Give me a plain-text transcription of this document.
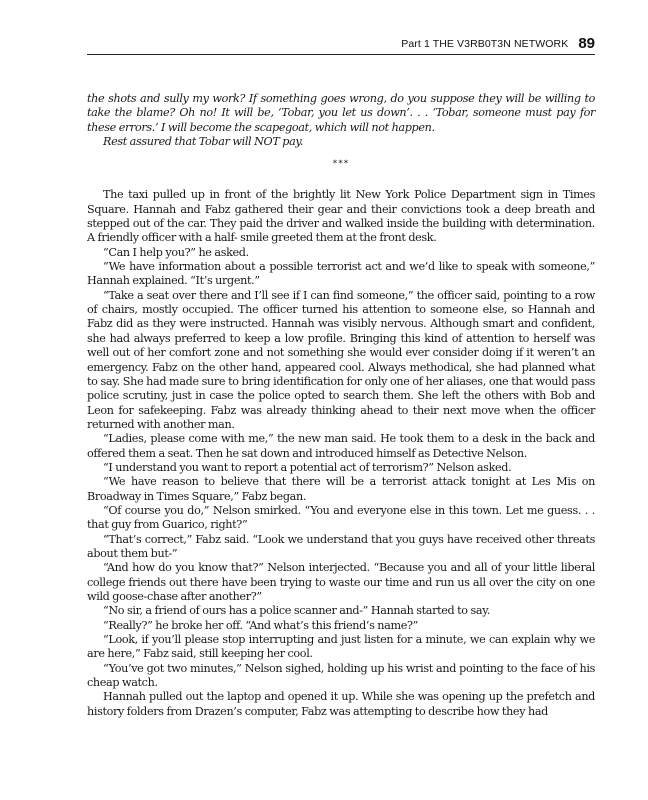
Part 1 THE V3RB0T3N NETWORK 89

the shots and sully my work? If something goes wrong, do you suppose they will be willing to take the blame? Oh no! It will be, ‘Tobar, you let us down’. . . ‘Tobar, someone must pay for these errors.’ I will become the scapegoat, which will not happen.

Rest assured that Tobar will NOT pay.

***

The taxi pulled up in front of the brightly lit New York Police Department sign in Times Square. Hannah and Fabz gathered their gear and their convictions took a deep breath and stepped out of the car. They paid the driver and walked inside the building with determination. A friendly officer with a half- smile greeted them at the front desk.

“Can I help you?” he asked.

“We have information about a possible terrorist act and we’d like to speak with someone,” Hannah explained. “It’s urgent.”

“Take a seat over there and I’ll see if I can find someone,” the officer said, pointing to a row of chairs, mostly occupied. The officer turned his attention to someone else, so Hannah and Fabz did as they were instructed. Hannah was visibly nervous. Although smart and confident, she had always preferred to keep a low profile. Bringing this kind of attention to herself was well out of her comfort zone and not something she would ever consider doing if it weren’t an emergency. Fabz on the other hand, appeared cool. Always methodical, she had planned what to say. She had made sure to bring identification for only one of her aliases, one that would pass police scrutiny, just in case the police opted to search them. She left the others with Bob and Leon for safekeeping. Fabz was already thinking ahead to their next move when the officer returned with another man.

“Ladies, please come with me,” the new man said. He took them to a desk in the back and offered them a seat. Then he sat down and introduced himself as Detective Nelson.

“I understand you want to report a potential act of terrorism?” Nelson asked.

“We have reason to believe that there will be a terrorist attack tonight at Les Mis on Broadway in Times Square,” Fabz began.

“Of course you do,” Nelson smirked. “You and everyone else in this town. Let me guess. . . that guy from Guarico, right?”

“That’s correct,” Fabz said. “Look we understand that you guys have received other threats about them but-”

“And how do you know that?” Nelson interjected. “Because you and all of your little liberal college friends out there have been trying to waste our time and run us all over the city on one wild goose-chase after another?”

“No sir, a friend of ours has a police scanner and-” Hannah started to say.

“Really?” he broke her off. “And what’s this friend’s name?”

“Look, if you’ll please stop interrupting and just listen for a minute, we can explain why we are here,” Fabz said, still keeping her cool.

“You’ve got two minutes,” Nelson sighed, holding up his wrist and pointing to the face of his cheap watch.

Hannah pulled out the laptop and opened it up. While she was opening up the prefetch and history folders from Drazen’s computer, Fabz was attempting to describe how they had
